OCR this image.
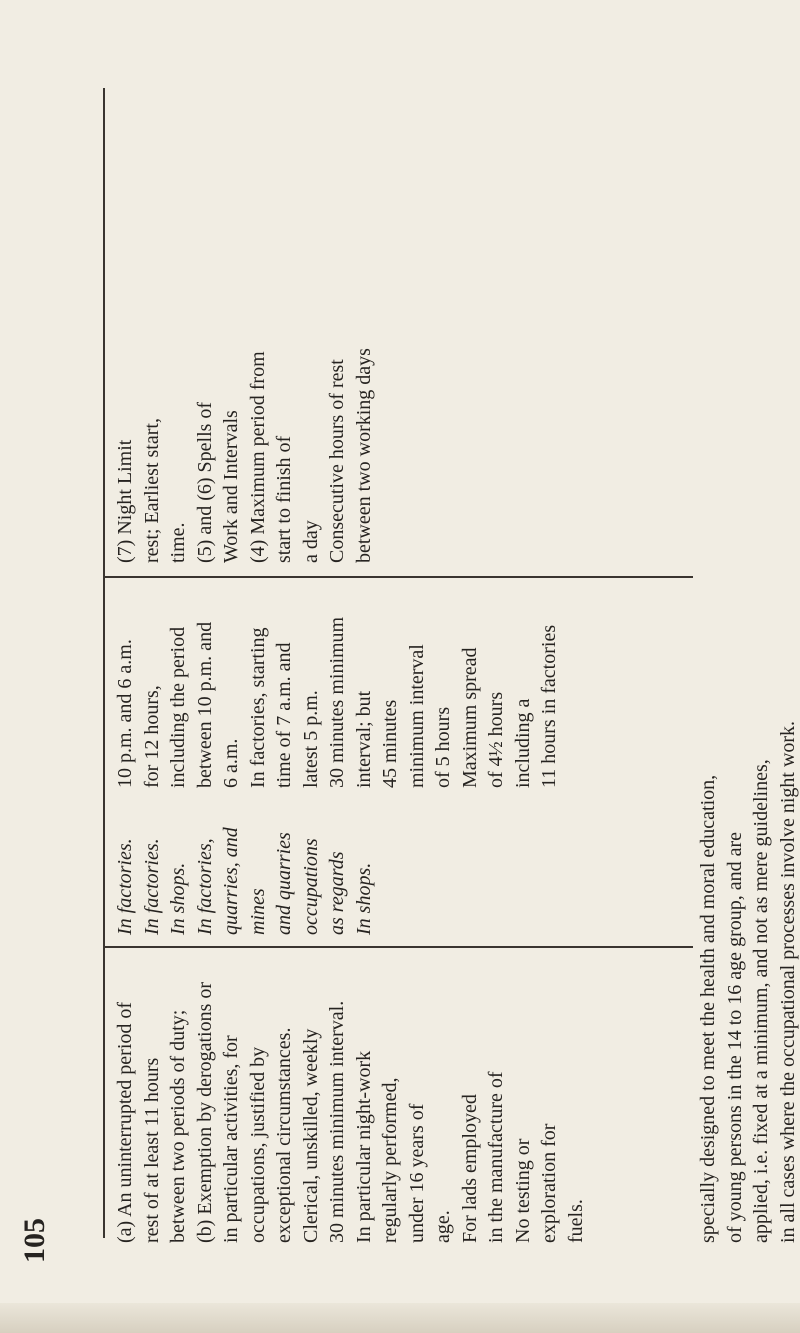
105	(a) An uninterrupted period of rest of at least 11 hours between two periods of duty; (b) Exemption by derogations or in particular activities, for occupations, justified by exceptional circumstances. Clerical, unskilled, weekly 30 minutes minimum interval. In particular night-work regularly performed, under 16 years of age. For lads employed in the manufacture of No testing or exploration for fuels.

In factories. In factories. In shops. In factories, quarries, and mines and quarries occupations as regards In shops.

10 p.m. and 6 a.m. for 12 hours, including the period between 10 p.m. and 6 a.m. In factories, starting time of 7 a.m. and latest 5 p.m. 30 minutes minimum interval; but 45 minutes minimum interval of 5 hours Maximum spread of 4½ hours including a 11 hours in factories

(7) Night Limit rest; Earliest start, time. (5) and (6) Spells of Work and Intervals (4) Maximum period from start to finish of a day Consecutive hours of rest between two working days

specially designed to meet the health and moral education, of young persons in the 14 to 16 age group, and are applied, i.e. fixed at a minimum, and not as mere guidelines, in all cases where the occupational processes involve night work.
